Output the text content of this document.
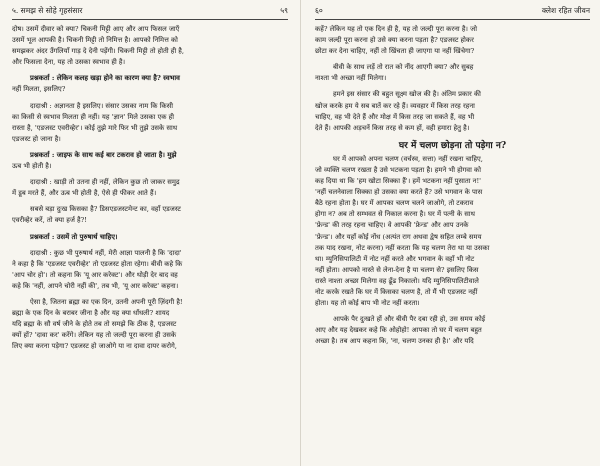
५. समझ से सोहे गृहसंसार	५९

दोष। उसमें दीवार को क्या? चिकनी मिट्टी आए और आप फिसल जाएँ

उसमें भूल आपकी है। चिकनी मिट्टी तो निमित्त है। आपको निमित्त को

समझकर अंदर उँगलियाँ गाड़ दे देनी पड़ेंगी। चिकनी मिट्टी तो होती ही है,

और फिसला देना, यह तो उसका स्वभाव ही है।

प्रश्नकर्ता : लेकिन कलह खड़ा होने का कारण क्या है? स्वभाव

नहीं मिलता, इसलिए?

दादाश्री : अज्ञानता है इसलिए। संसार उसका नाम कि किसी

का किसी से स्वभाव मिलता ही नहीं। यह 'ज्ञान' मिले उसका एक ही

रास्ता है, 'एडजस्ट एवरीव्हेर'। कोई तुझे मारे फिर भी तुझे उसके साथ

एडजस्ट हो जाना है।

प्रश्नकर्ता : जाइफ के साथ कई बार टकराव हो जाता है। मुझे

ऊब भी होती है।

दादाश्री : खाड़ी तो उतना ही नहीं, लेकिन कुछ तो जाकर समुद्र

में डूब मरते हैं, और ऊब भी होती है, ऐसे ही फीकर आते हैं।

सबसे बड़ा दुःख किसका है? डिसएडजस्टमेन्ट का, वहाँ एडजस्ट

एवरीव्हेर करें, तो क्या हर्ज है?!

प्रश्नकर्ता : उसमें तो पुरुषार्थ चाहिए।

दादाश्री : कुछ भी पुरुषार्थ नहीं, मेरी आज्ञा पालनी है कि 'दादा'

ने कहा है कि 'एडजस्ट एवरीव्हेर' तो एडजस्ट होता रहेगा। बीवी कहे कि

'आप चोर हो'। तो कहना कि 'यू आर करेक्ट'। और थोड़ी देर बाद वह

कहे कि 'नहीं, आपने चोरी नहीं की', तब भी, 'यू आर करेक्ट' कहना।

ऐसा है, जितना ब्रह्मा का एक दिन, उतनी अपनी पूरी ज़िंदगी है!

ब्रह्मा के एक दिन के बराबर जीना है और यह क्या धाँधली? शायद

यदि ब्रह्मा के सौ वर्ष जीने के होते तब तो समझे कि ठीक है, एडजस्ट

क्यों हों? 'दावा कर' करेंगे। लेकिन यह तो जल्दी पूरा करना ही उसके

लिए क्या करना पड़ेगा? एडजस्ट हो जाओगे या ना दावा दायर करोगे,

६०	क्लेश रहित जीवन

कहें? लेकिन यह तो एक दिन ही है, यह तो जल्दी पूरा करना है। जो

काम जल्दी पूरा करना हो उसे क्या करना पड़ता है? एडजस्ट होकर

छोटा कर देना चाहिए, नहीं तो खिंचता ही जाएगा या नहीं खिंचेगा?

बीवी के साथ लड़ें तो रात को नींद आएगी क्या? और सुबह

नाश्ता भी अच्छा नहीं मिलेगा।

हमने इस संसार की बहुत सूक्ष्म खोज की है। अंतिम प्रकार की

खोज करके हम ये सब बातें कर रहे हैं। व्यवहार में किस तरह रहना

चाहिए, वह भी देते हैं और मोक्ष में किस तरह जा सकते हैं, वह भी

देते हैं। आपकी अड़चनें किस तरह से कम हों, वही हमारा हेतु है।

घर में चलण छोड़ना तो पड़ेगा न?

घर में आपको अपना चलण (वर्चस्व, सत्ता) नहीं रखना चाहिए,

जो व्यक्ति चलण रखता है उसे भटकना पड़ता है। हमने भी होगवा को

कह दिया था कि 'हम खोटा सिक्का हैं'। हमें भटकना नहीं पुसाता न!'

'नहीं चलनेवाला सिक्का हो उसका क्या करते हैं? उसे भगवान के पास

बैठे रहना होता है। घर में आपका चलण चलने जाओगे, तो टकराव

होगा न? अब तो सम्भवत से निकाल करना है। घर में पत्नी के साथ

'फ्रेन्ड' की तरह रहना चाहिए। वे आपकी 'फ्रेन्ड' और आप उनके

'फ्रेन्ड'। और यहाँ कोई नोंध (अत्यंत राग अथवा द्वेष सहित लम्बे समय

तक याद रखना, नोट करना) नहीं करता कि यह चलण तेरा था या उसका

था। म्युनिसिपालिटी में नोट नहीं करते और भगवान के वहाँ भी नोट

नहीं होता। आपको नास्ते से लेना-देना है या चलण से? इसलिए किस

रास्ते नाश्ता अच्छा मिलेगा वह ढूँढ निकालो। यदि म्युनिसिपालिटीवाले

नोट करके रखते कि घर में किसका चलण है, तो मैं भी एडजस्ट नहीं

होता। यह तो कोई बाप भी नोट नहीं करता।

आपके पैर दुःखते हों और बीवी पैर दबा रही हो, उस समय कोई

आए और यह देखकर कहे कि ओहोहो! आपका तो घर में चलण बहुत

अच्छा है। तब आप कहना कि, 'ना, चलण उनका ही है।' और यदि
